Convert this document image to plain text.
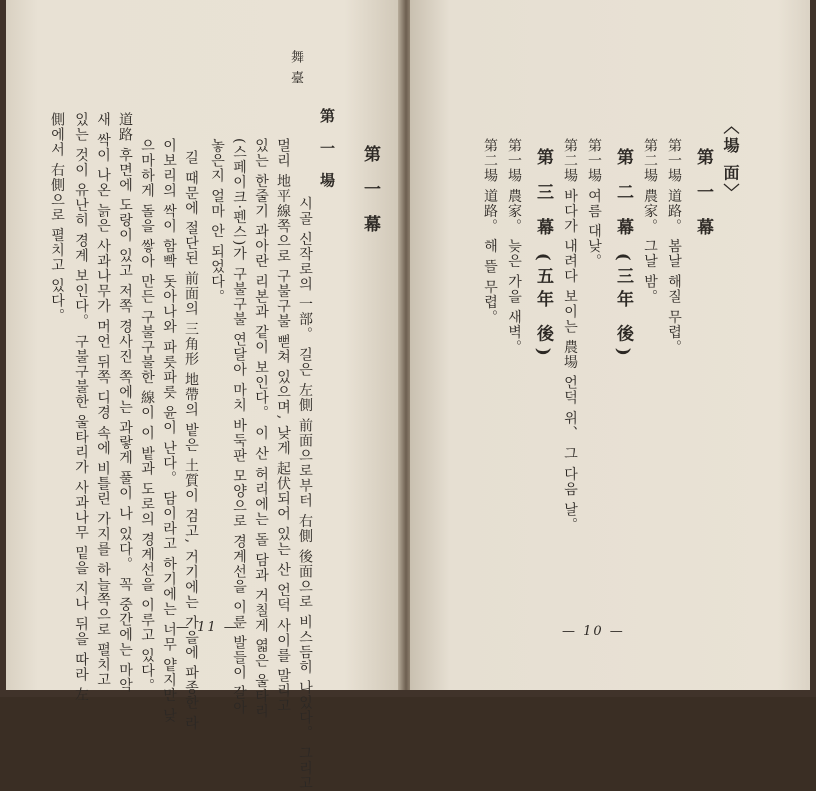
舞臺
第 一 幕
第 一 場
시골 신작로의 一部。 길은 左側 前面으로부터 右側 後面으로 비스듬히 나있다。 그리고
멀리 地平線쪽으로 구불구불 뻗쳐 있으며, 낮게 起伏되어 있는 산 언덕 사이를 말리고
있는 한줄기 과아란 리본과 같이 보인다。 이 산 허리에는 돌 담과 거칠게 엷은 울타리
(스페이크·펜스)가 구불구불 연달아 마치 바둑판 모양으로 경계선을 이룬 발들이 갈아
놓은지 얼마 안 되었다。
길 때문에 절단된 前面의 三角形 地帶의 밭은 土質이 검고, 거기에는 가을에 파종한 라
이보리의 싹이 함빡 돗아나와 파릇파릇 윤이 난다。 담이라고 하기에는 너무 얕지만 낮
으마하게 돌을 쌓아 만든 구불구불한 線이 이 밭과 도로의 경계선을 이루고 있다。
道路 후면에 도랑이 있고 저쪽 경사진 쪽에는 과랗게 풀이 나 있다。 꼭 중간에는 마악
새 싹이 나온 늙은 사과나무가 머언 뒤쪽 디경 속에 비틀린 가지를 하늘쪽으로 펼치고
있는 것이 유난히 경계 보인다。 구불구불한 울타리가 사과나무 밑을 지나 뒤을 따라 左
側에서 右側으로 펼치고 있다。
— 11 —
〈場 面〉
第 一 幕
第一場 道路。 봄날 해질 무렵。
第二場 農家。 그날 밤。
第 二 幕 (三年 後)
第一場 여름 대낮。
第二場 바다가 내려다 보이는 農場 언덕 위、 그 다음 날。
第 三 幕 (五年 後)
第一場 農家。 늦은 가을 새벽。
第二場 道路。 해 뜰 무렵。
— 10 —
